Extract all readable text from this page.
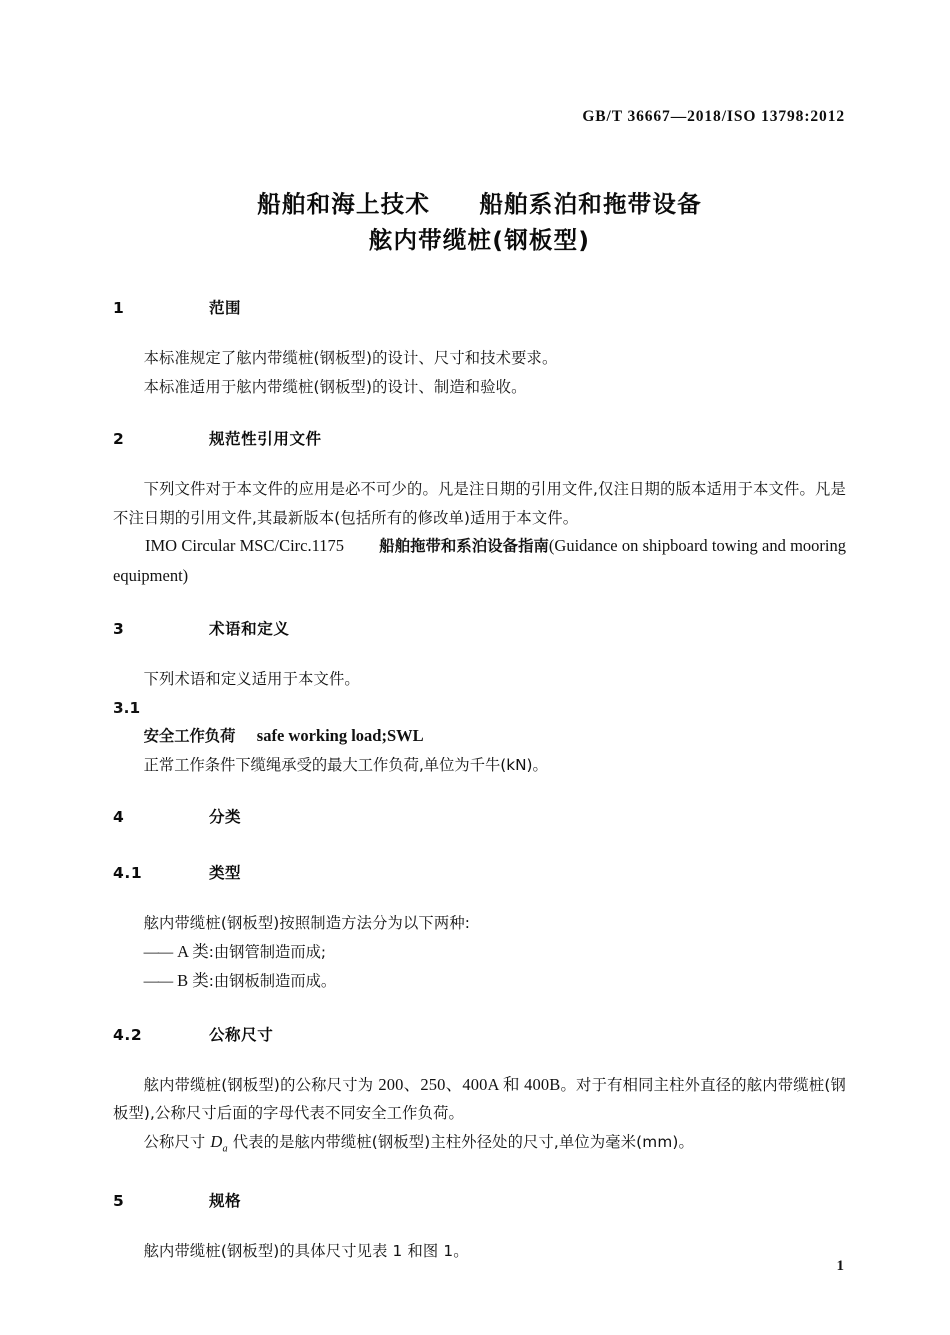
GB/T 36667—2018/ISO 13798:2012
船舶和海上技术　　船舶系泊和拖带设备
舷内带缆桩(钢板型)
1			范围
本标准规定了舷内带缆桩(钢板型)的设计、尺寸和技术要求。
本标准适用于舷内带缆桩(钢板型)的设计、制造和验收。
2			规范性引用文件
下列文件对于本文件的应用是必不可少的。凡是注日期的引用文件,仅注日期的版本适用于本文件。凡是不注日期的引用文件,其最新版本(包括所有的修改单)适用于本文件。
IMO Circular MSC/Circ.1175 船舶拖带和系泊设备指南(Guidance on shipboard towing and mooring equipment)
3			术语和定义
下列术语和定义适用于本文件。
3.1
安全工作负荷 safe working load;SWL
正常工作条件下缆绳承受的最大工作负荷,单位为千牛(kN)。
4			分类
4.1			类型
舷内带缆桩(钢板型)按照制造方法分为以下两种:
—— A 类:由钢管制造而成;
—— B 类:由钢板制造而成。
4.2			公称尺寸
舷内带缆桩(钢板型)的公称尺寸为 200、250、400A 和 400B。对于有相同主柱外直径的舷内带缆桩(钢板型),公称尺寸后面的字母代表不同安全工作负荷。
公称尺寸 $D_a$ 代表的是舷内带缆桩(钢板型)主柱外径处的尺寸,单位为毫米(mm)。
5			规格
舷内带缆桩(钢板型)的具体尺寸见表 1 和图 1。
1
